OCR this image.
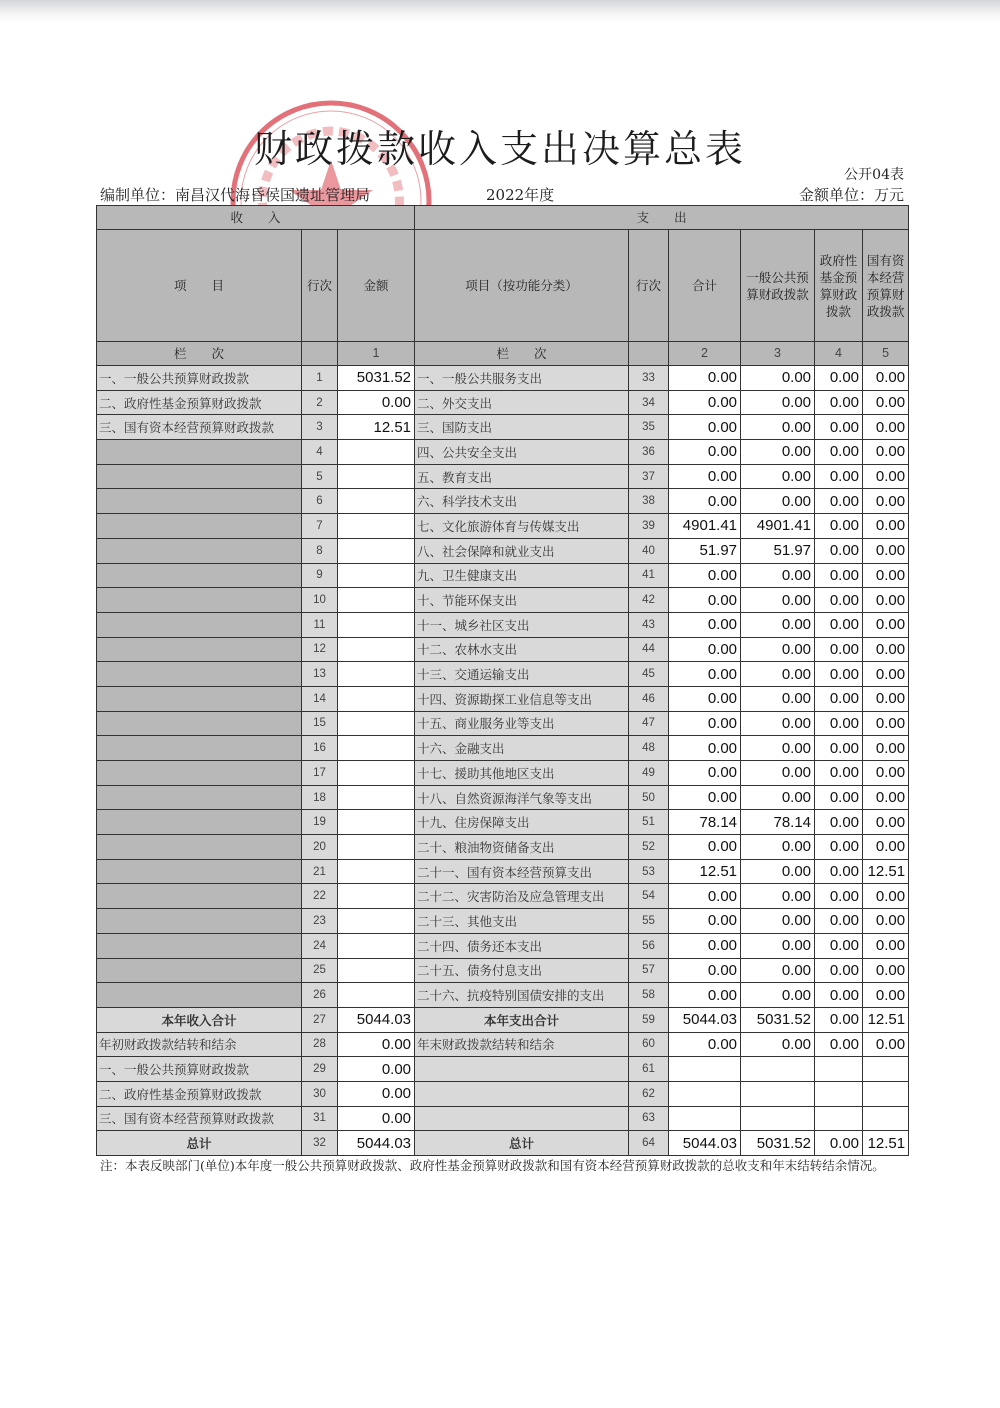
财政拨款收入支出决算总表
公开04表
编制单位：南昌汉代海昏侯国遗址管理局	2022年度	金额单位：万元
收　　入			支　　出					
项　　目	行次	金额	项目（按功能分类）	行次	合计	一般公共预算财政拨款	政府性基金预算财政拨款	国有资本经营预算财政拨款
栏　　次		1	栏　　次		2	3	4	5
一、一般公共预算财政拨款	1	5031.52	一、一般公共服务支出	33	0.00	0.00	0.00	0.00
二、政府性基金预算财政拨款	2	0.00	二、外交支出	34	0.00	0.00	0.00	0.00
三、国有资本经营预算财政拨款	3	12.51	三、国防支出	35	0.00	0.00	0.00	0.00
	4		四、公共安全支出	36	0.00	0.00	0.00	0.00
	5		五、教育支出	37	0.00	0.00	0.00	0.00
	6		六、科学技术支出	38	0.00	0.00	0.00	0.00
	7		七、文化旅游体育与传媒支出	39	4901.41	4901.41	0.00	0.00
	8		八、社会保障和就业支出	40	51.97	51.97	0.00	0.00
	9		九、卫生健康支出	41	0.00	0.00	0.00	0.00
	10		十、节能环保支出	42	0.00	0.00	0.00	0.00
	11		十一、城乡社区支出	43	0.00	0.00	0.00	0.00
	12		十二、农林水支出	44	0.00	0.00	0.00	0.00
	13		十三、交通运输支出	45	0.00	0.00	0.00	0.00
	14		十四、资源勘探工业信息等支出	46	0.00	0.00	0.00	0.00
	15		十五、商业服务业等支出	47	0.00	0.00	0.00	0.00
	16		十六、金融支出	48	0.00	0.00	0.00	0.00
	17		十七、援助其他地区支出	49	0.00	0.00	0.00	0.00
	18		十八、自然资源海洋气象等支出	50	0.00	0.00	0.00	0.00
	19		十九、住房保障支出	51	78.14	78.14	0.00	0.00
	20		二十、粮油物资储备支出	52	0.00	0.00	0.00	0.00
	21		二十一、国有资本经营预算支出	53	12.51	0.00	0.00	12.51
	22		二十二、灾害防治及应急管理支出	54	0.00	0.00	0.00	0.00
	23		二十三、其他支出	55	0.00	0.00	0.00	0.00
	24		二十四、债务还本支出	56	0.00	0.00	0.00	0.00
	25		二十五、债务付息支出	57	0.00	0.00	0.00	0.00
	26		二十六、抗疫特别国债安排的支出	58	0.00	0.00	0.00	0.00
本年收入合计	27	5044.03	本年支出合计	59	5044.03	5031.52	0.00	12.51
年初财政拨款结转和结余	28	0.00	年末财政拨款结转和结余	60	0.00	0.00	0.00	0.00
一、一般公共预算财政拨款	29	0.00		61				
二、政府性基金预算财政拨款	30	0.00		62				
三、国有资本经营预算财政拨款	31	0.00		63				
总计	32	5044.03	总计	64	5044.03	5031.52	0.00	12.51
注：本表反映部门(单位)本年度一般公共预算财政拨款、政府性基金预算财政拨款和国有资本经营预算财政拨款的总收支和年末结转结余情况。
